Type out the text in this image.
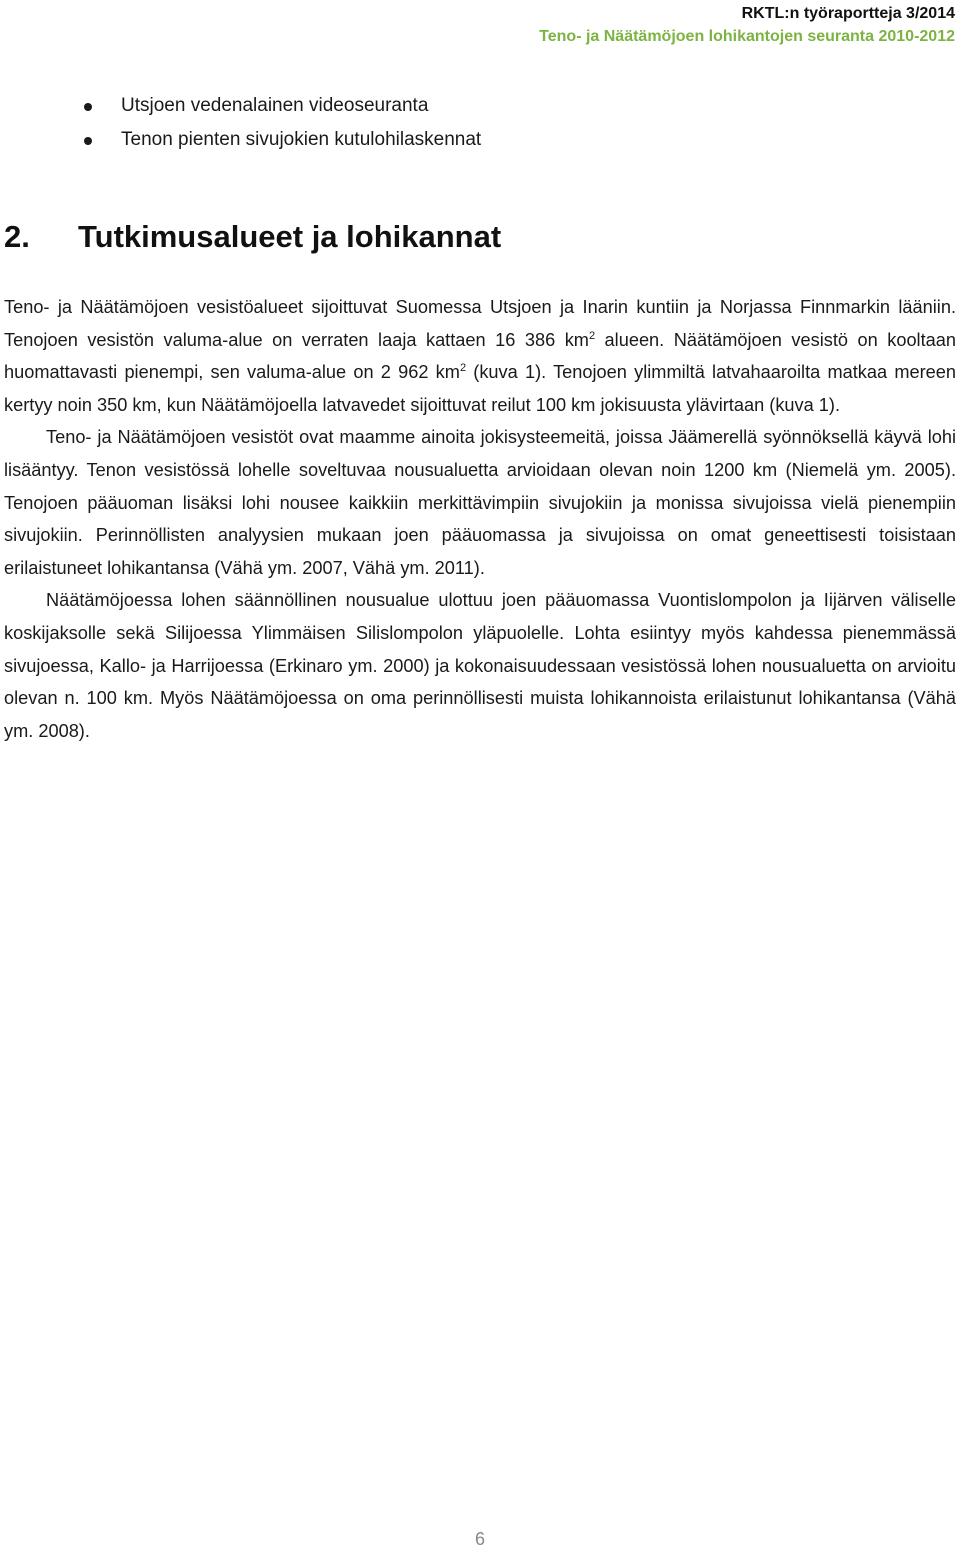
RKTL:n työraportteja 3/2014
Teno- ja Näätämöjoen lohikantojen seuranta 2010-2012
Utsjoen vedenalainen videoseuranta
Tenon pienten sivujokien kutulohilaskennat
2. Tutkimusalueet ja lohikannat

Teno- ja Näätämöjoen vesistöalueet sijoittuvat Suomessa Utsjoen ja Inarin kuntiin ja Norjassa Finnmarkin lääniin. Tenojoen vesistön valuma-alue on verraten laaja kattaen 16 386 $km^2$ alueen. Näätämöjoen vesistö on kooltaan huomattavasti pienempi, sen valuma-alue on 2 962 $km^2$ (kuva 1). Tenojoen ylimmiltä latvahaaroilta matkaa mereen kertyy noin 350 km, kun Näätämöjoella latvavedet sijoittuvat reilut 100 km jokisuusta ylävirtaan (kuva 1).

Teno- ja Näätämöjoen vesistöt ovat maamme ainoita jokisysteemeitä, joissa Jäämerellä syönnöksellä käyvä lohi lisääntyy. Tenon vesistössä lohelle soveltuvaa nousualuetta arvioidaan olevan noin 1200 km (Niemelä ym. 2005). Tenojoen pääuoman lisäksi lohi nousee kaikkiin merkittävimpiin sivujokiin ja monissa sivujoissa vielä pienempiin sivujokiin. Perinnöllisten analyysien mukaan joen pääuomassa ja sivujoissa on omat geneettisesti toisistaan erilaistuneet lohikantansa (Vähä ym. 2007, Vähä ym. 2011).

Näätämöjoessa lohen säännöllinen nousualue ulottuu joen pääuomassa Vuontislompolon ja Iijärven väliselle koskijaksolle sekä Silijoessa Ylimmäisen Silislompolon yläpuolelle. Lohta esiintyy myös kahdessa pienemmässä sivujoessa, Kallo- ja Harrijoessa (Erkinaro ym. 2000) ja kokonaisuudessaan vesistössä lohen nousualuetta on arvioitu olevan n. 100 km. Myös Näätämöjoessa on oma perinnöllisesti muista lohikannoista erilaistunut lohikantansa (Vähä ym. 2008).

6
